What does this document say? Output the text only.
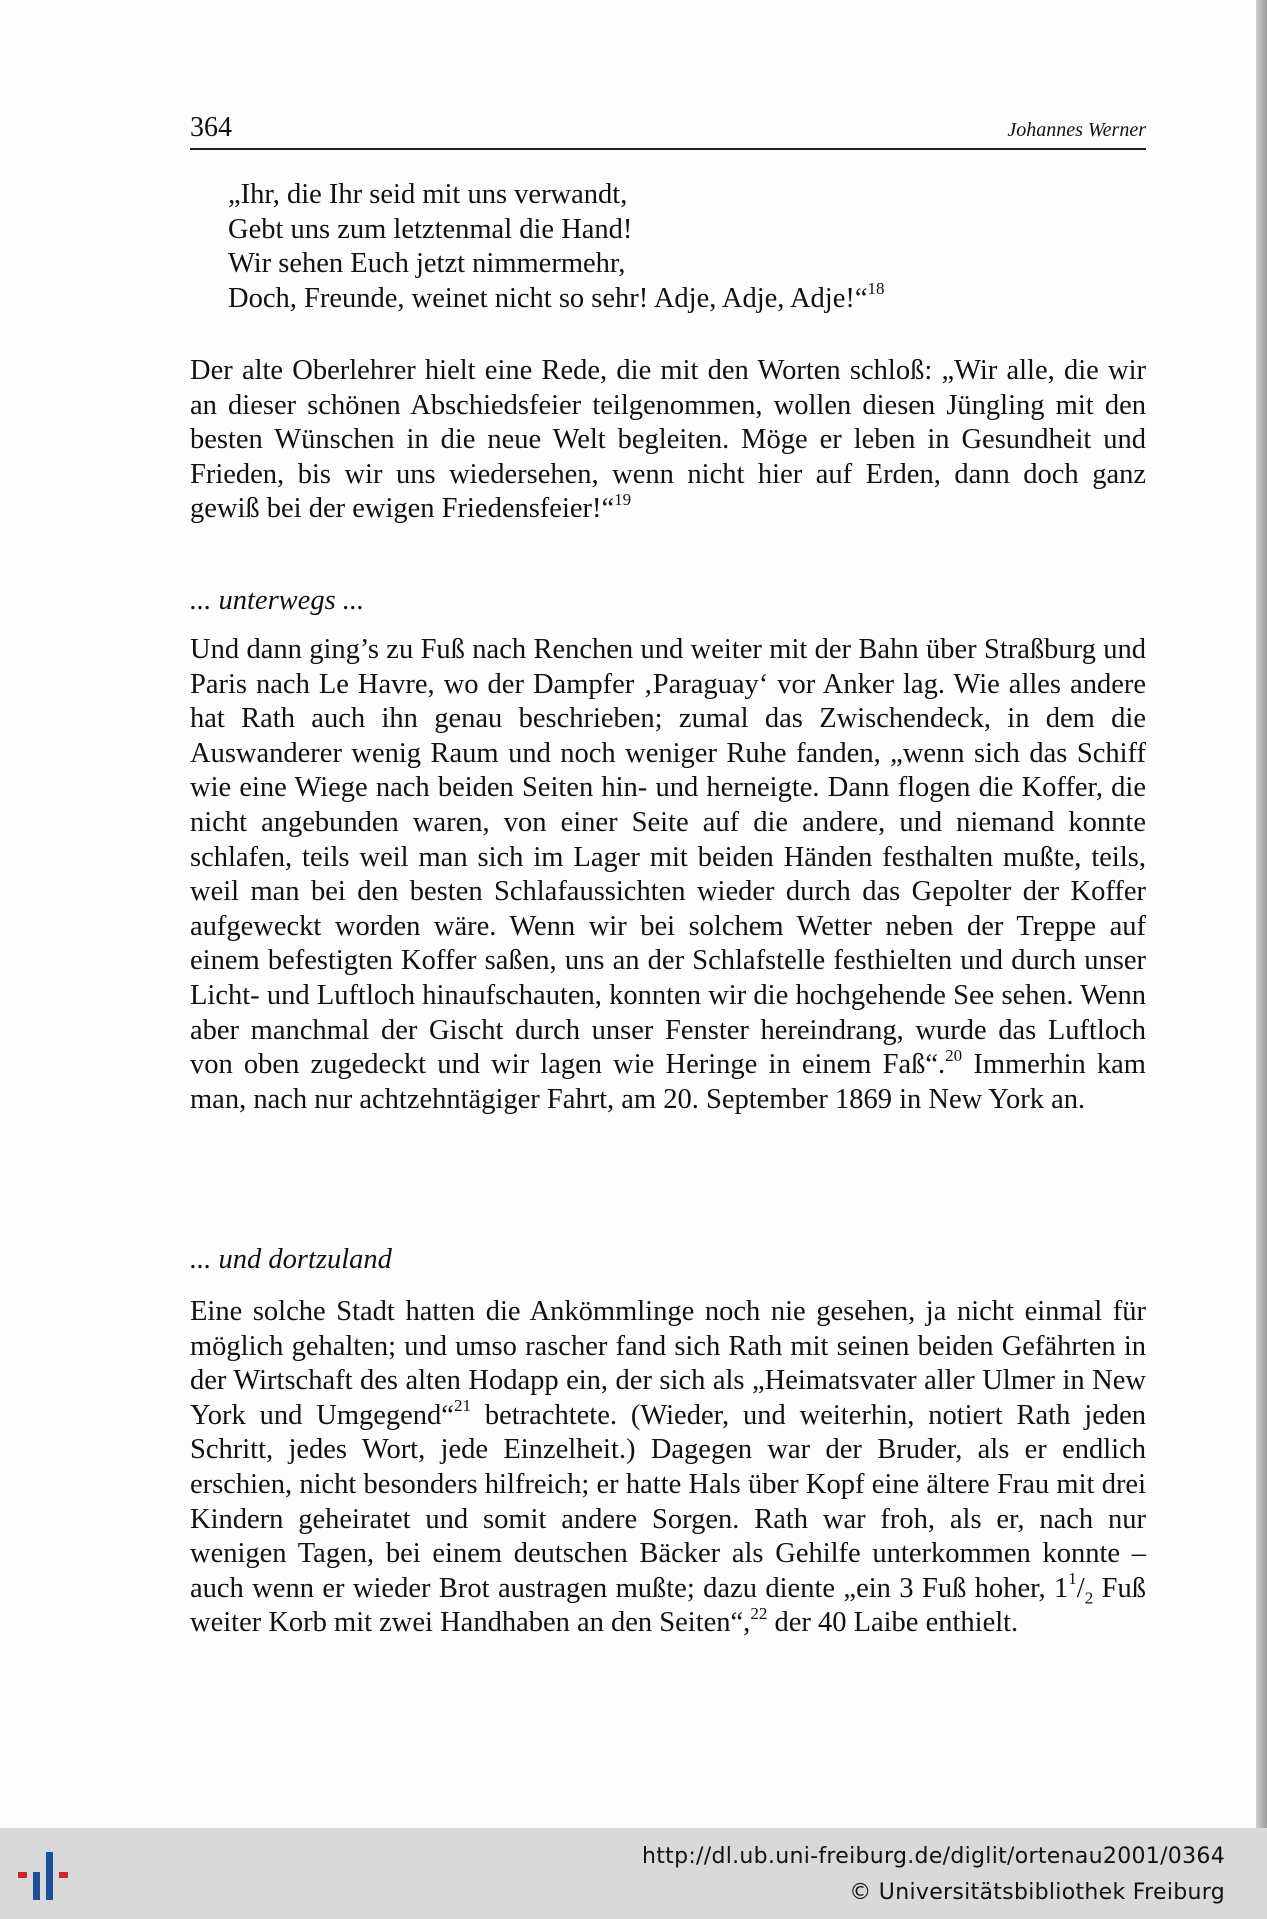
364	Johannes Werner
„Ihr, die Ihr seid mit uns verwandt,
Gebt uns zum letztenmal die Hand!
Wir sehen Euch jetzt nimmermehr,
Doch, Freunde, weinet nicht so sehr! Adje, Adje, Adje!“$^{18}$

Der alte Oberlehrer hielt eine Rede, die mit den Worten schloß: „Wir alle, die wir an dieser schönen Abschiedsfeier teilgenommen, wollen diesen Jüngling mit den besten Wünschen in die neue Welt begleiten. Möge er leben in Gesundheit und Frieden, bis wir uns wiedersehen, wenn nicht hier auf Erden, dann doch ganz gewiß bei der ewigen Friedensfeier!“$^{19}$

... unterwegs ...

Und dann ging’s zu Fuß nach Renchen und weiter mit der Bahn über Straßburg und Paris nach Le Havre, wo der Dampfer ‚Paraguay‘ vor Anker lag. Wie alles andere hat Rath auch ihn genau beschrieben; zumal das Zwischendeck, in dem die Auswanderer wenig Raum und noch weniger Ruhe fanden, „wenn sich das Schiff wie eine Wiege nach beiden Seiten hin- und herneigte. Dann flogen die Koffer, die nicht angebunden waren, von einer Seite auf die andere, und niemand konnte schlafen, teils weil man sich im Lager mit beiden Händen festhalten mußte, teils, weil man bei den besten Schlafaussichten wieder durch das Gepolter der Koffer aufgeweckt worden wäre. Wenn wir bei solchem Wetter neben der Treppe auf einem befestigten Koffer saßen, uns an der Schlafstelle festhielten und durch unser Licht- und Luftloch hinaufschauten, konnten wir die hochgehende See sehen. Wenn aber manchmal der Gischt durch unser Fenster hereindrang, wurde das Luftloch von oben zugedeckt und wir lagen wie Heringe in einem Faß“.$^{20}$ Immerhin kam man, nach nur achtzehntägiger Fahrt, am 20. September 1869 in New York an.

... und dortzuland

Eine solche Stadt hatten die Ankömmlinge noch nie gesehen, ja nicht einmal für möglich gehalten; und umso rascher fand sich Rath mit seinen beiden Gefährten in der Wirtschaft des alten Hodapp ein, der sich als „Heimatsvater aller Ulmer in New York und Umgegend“$^{21}$ betrachtete. (Wieder, und weiterhin, notiert Rath jeden Schritt, jedes Wort, jede Einzelheit.) Dagegen war der Bruder, als er endlich erschien, nicht besonders hilfreich; er hatte Hals über Kopf eine ältere Frau mit drei Kindern geheiratet und somit andere Sorgen. Rath war froh, als er, nach nur wenigen Tagen, bei einem deutschen Bäcker als Gehilfe unterkommen konnte – auch wenn er wieder Brot austragen mußte; dazu diente „ein 3 Fuß hoher, $1^1/_2$ Fuß weiter Korb mit zwei Handhaben an den Seiten“,$^{22}$ der 40 Laibe enthielt.

http://dl.ub.uni-freiburg.de/diglit/ortenau2001/0364
© Universitätsbibliothek Freiburg
